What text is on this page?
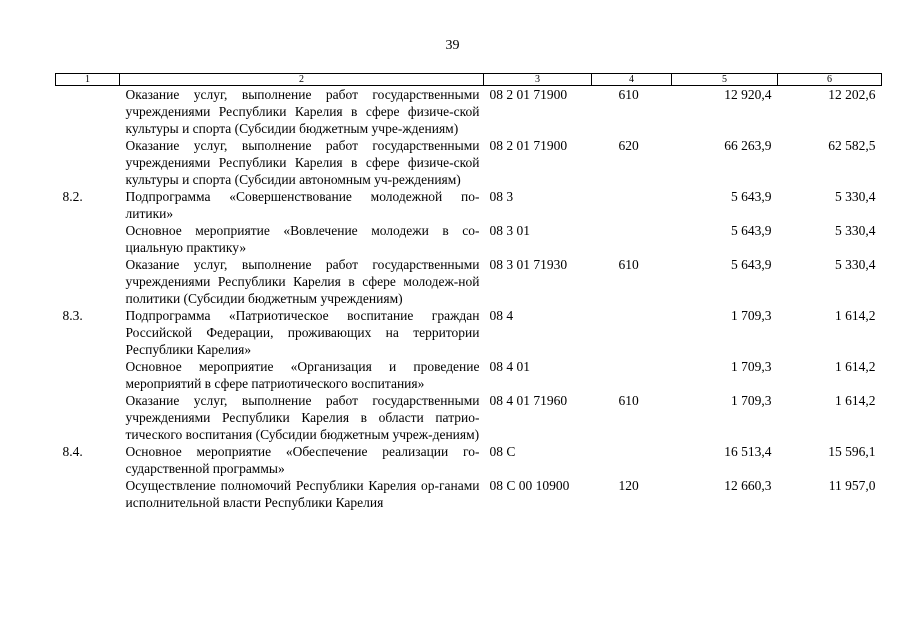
39
1	2	3	4	5	6
	Оказание услуг, выполнение работ государственными учреждениями Республики Карелия в сфере физиче-ской культуры и спорта (Субсидии бюджетным учре-ждениям)	08 2 01 71900	610	12 920,4	12 202,6
	Оказание услуг, выполнение работ государственными учреждениями Республики Карелия в сфере физиче-ской культуры и спорта (Субсидии автономным уч-реждениям)	08 2 01 71900	620	66 263,9	62 582,5
8.2.	Подпрограмма «Совершенствование молодежной по-литики»	08 3		5 643,9	5 330,4
	Основное мероприятие «Вовлечение молодежи в со-циальную практику»	08 3 01		5 643,9	5 330,4
	Оказание услуг, выполнение работ государственными учреждениями Республики Карелия в сфере молодеж-ной политики (Субсидии бюджетным учреждениям)	08 3 01 71930	610	5 643,9	5 330,4
8.3.	Подпрограмма «Патриотическое воспитание граждан Российской Федерации, проживающих на территории Республики Карелия»	08 4		1 709,3	1 614,2
	Основное мероприятие «Организация и проведение мероприятий в сфере патриотического воспитания»	08 4 01		1 709,3	1 614,2
	Оказание услуг, выполнение работ государственными учреждениями Республики Карелия в области патрио-тического воспитания (Субсидии бюджетным учреж-дениям)	08 4 01 71960	610	1 709,3	1 614,2
8.4.	Основное мероприятие «Обеспечение реализации го-сударственной программы»	08 С		16 513,4	15 596,1
	Осуществление полномочий Республики Карелия ор-ганами исполнительной власти Республики Карелия	08 С 00 10900	120	12 660,3	11 957,0
